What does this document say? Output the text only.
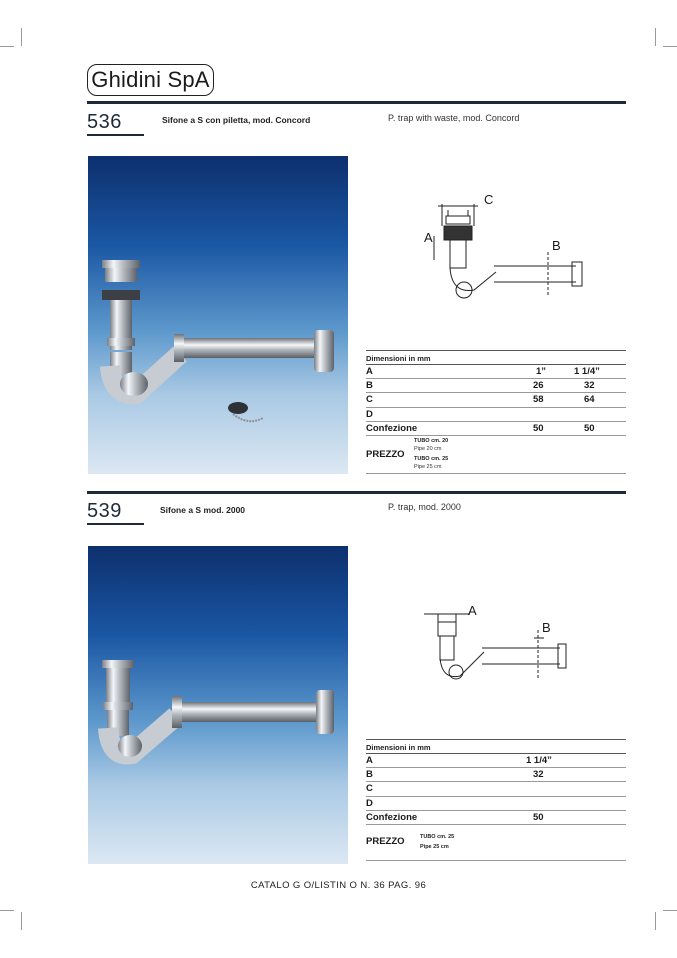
Ghidini SpA
536	Sifone a S con piletta, mod. Concord	P. trap with waste, mod. Concord
C
A
B
Dimensioni in mm
A	1”	1 1/4”
B	26	32
C	58	64
D
Confezione	50	50
PREZZO
TUBO cm. 20
Pipe 20 cm
TUBO cm. 25
Pipe 25 cm
539	Sifone a S mod. 2000	P. trap, mod. 2000
A
B
Dimensioni in mm
A	1 1/4”
B	32
C
D
Confezione	50
PREZZO	TUBO cm. 25
Pipe 25 cm
CATALO G O/LISTIN O N. 36 PAG. 96
